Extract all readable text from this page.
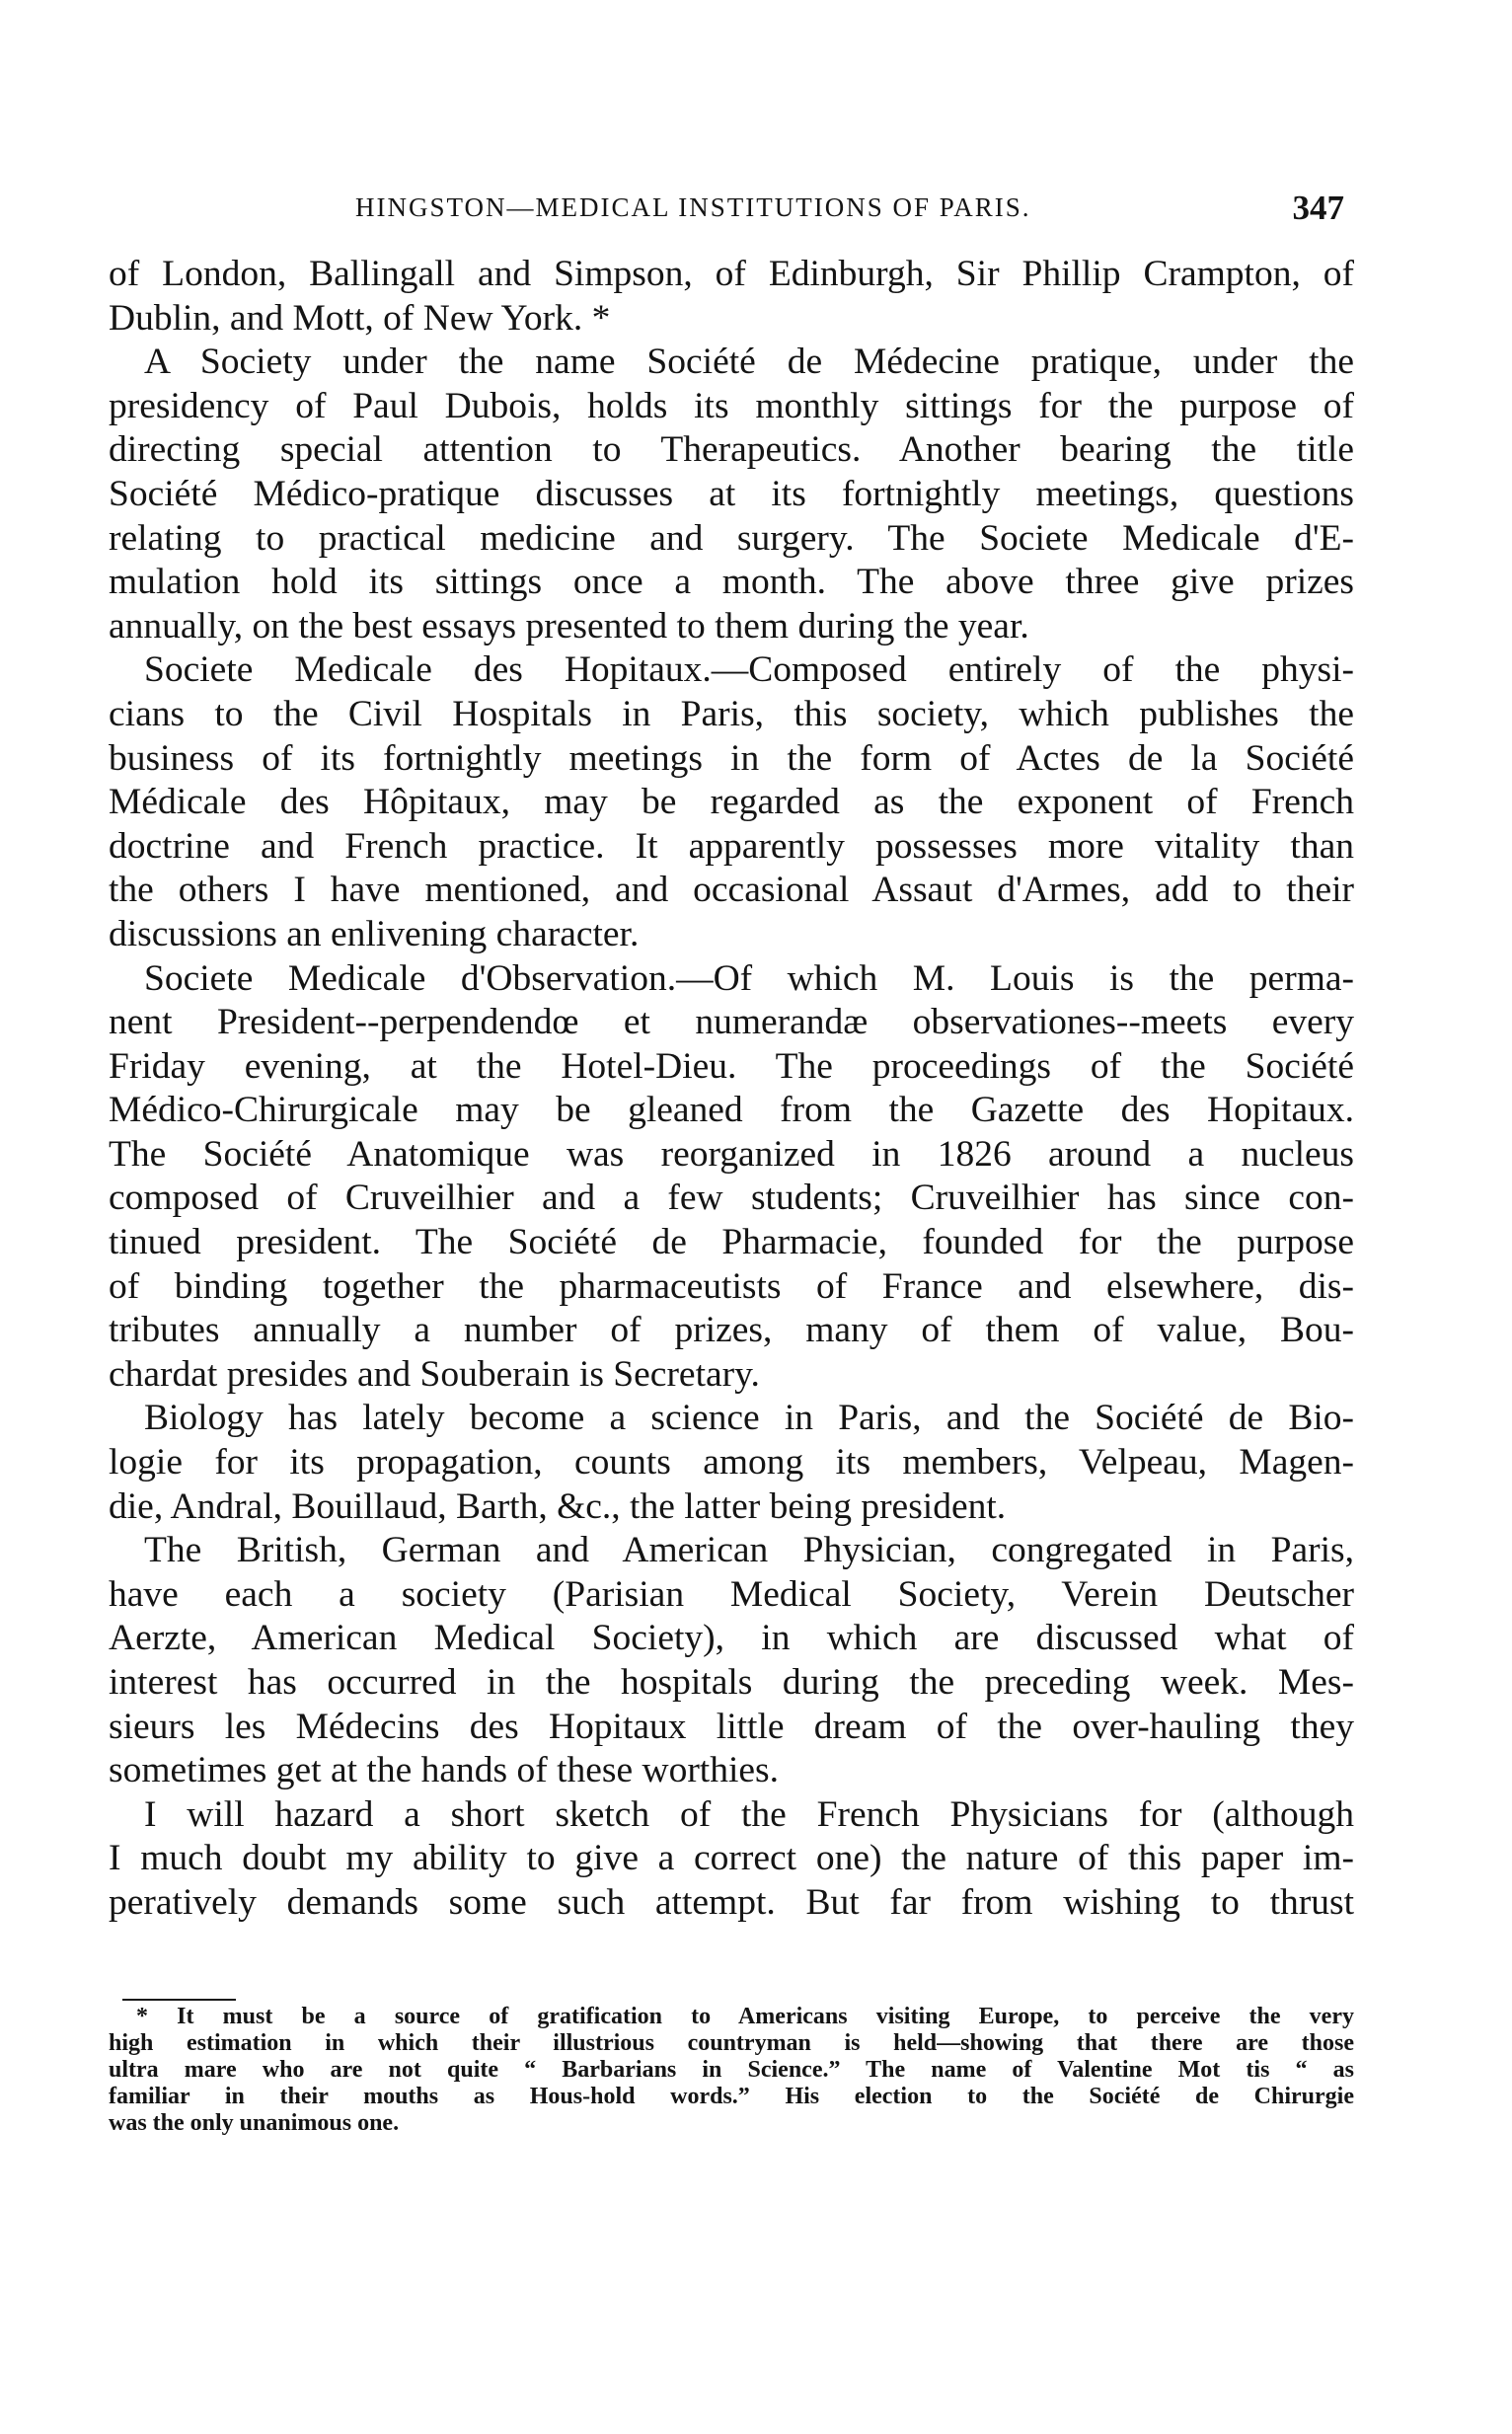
HINGSTON—MEDICAL INSTITUTIONS OF PARIS.	347
of London, Ballingall and Simpson, of Edinburgh, Sir Phillip Crampton, of
Dublin, and Mott, of New York. *
A Society under the name Société de Médecine pratique, under the
presidency of Paul Dubois, holds its monthly sittings for the purpose of
directing special attention to Therapeutics. Another bearing the title
Société Médico-pratique discusses at its fortnightly meetings, questions
relating to practical medicine and surgery. The Societe Medicale d'E-
mulation hold its sittings once a month. The above three give prizes
annually, on the best essays presented to them during the year.
Societe Medicale des Hopitaux.—Composed entirely of the physi-
cians to the Civil Hospitals in Paris, this society, which publishes the
business of its fortnightly meetings in the form of Actes de la Société
Médicale des Hôpitaux, may be regarded as the exponent of French
doctrine and French practice. It apparently possesses more vitality than
the others I have mentioned, and occasional Assaut d'Armes, add to their
discussions an enlivening character.
Societe Medicale d'Observation.—Of which M. Louis is the perma-
nent President--perpendendœ et numerandæ observationes--meets every
Friday evening, at the Hotel-Dieu. The proceedings of the Société
Médico-Chirurgicale may be gleaned from the Gazette des Hopitaux.
The Société Anatomique was reorganized in 1826 around a nucleus
composed of Cruveilhier and a few students; Cruveilhier has since con-
tinued president. The Société de Pharmacie, founded for the purpose
of binding together the pharmaceutists of France and elsewhere, dis-
tributes annually a number of prizes, many of them of value, Bou-
chardat presides and Souberain is Secretary.
Biology has lately become a science in Paris, and the Société de Bio-
logie for its propagation, counts among its members, Velpeau, Magen-
die, Andral, Bouillaud, Barth, &c., the latter being president.
The British, German and American Physician, congregated in Paris,
have each a society (Parisian Medical Society, Verein Deutscher
Aerzte, American Medical Society), in which are discussed what of
interest has occurred in the hospitals during the preceding week. Mes-
sieurs les Médecins des Hopitaux little dream of the over-hauling they
sometimes get at the hands of these worthies.
I will hazard a short sketch of the French Physicians for (although
I much doubt my ability to give a correct one) the nature of this paper im-
peratively demands some such attempt. But far from wishing to thrust
* It must be a source of gratification to Americans visiting Europe, to perceive the very
high estimation in which their illustrious countryman is held—showing that there are those
ultra mare who are not quite “ Barbarians in Science.” The name of Valentine Mot tis “ as
familiar in their mouths as Hous-hold words.” His election to the Société de Chirurgie
was the only unanimous one.
